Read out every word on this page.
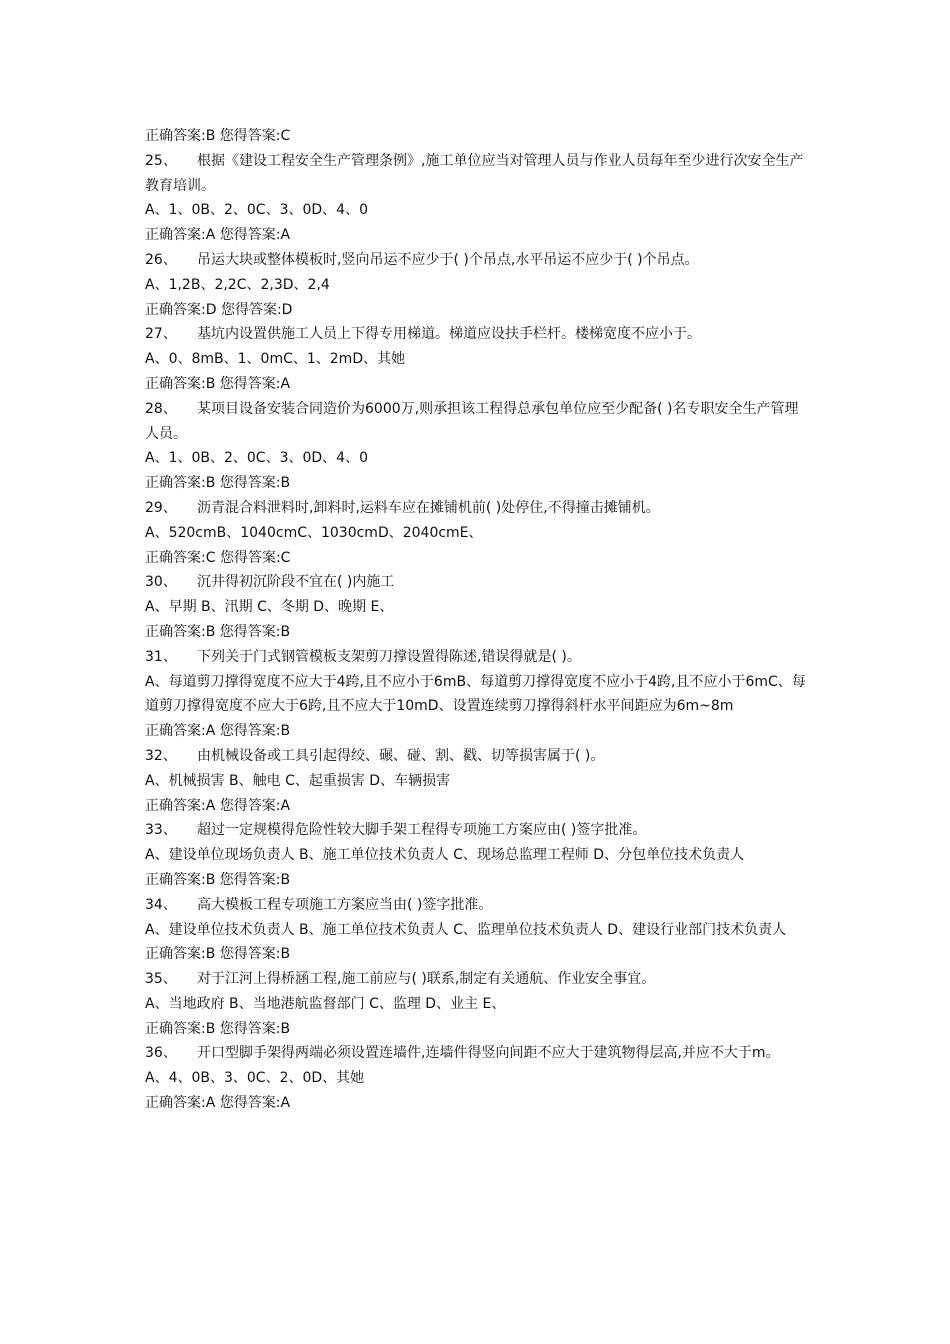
正确答案:B 您得答案:C

25、 根据《建设工程安全生产管理条例》,施工单位应当对管理人员与作业人员每年至少进行次安全生产教育培训。

A、1、0B、2、0C、3、0D、4、0

正确答案:A 您得答案:A

26、 吊运大块或整体模板时,竖向吊运不应少于( )个吊点,水平吊运不应少于( )个吊点。

A、1,2B、2,2C、2,3D、2,4

正确答案:D 您得答案:D

27、 基坑内设置供施工人员上下得专用梯道。梯道应设扶手栏杆。楼梯宽度不应小于。

A、0、8mB、1、0mC、1、2mD、其她

正确答案:B 您得答案:A

28、 某项目设备安装合同造价为6000万,则承担该工程得总承包单位应至少配备( )名专职安全生产管理人员。

A、1、0B、2、0C、3、0D、4、0

正确答案:B 您得答案:B

29、 沥青混合料泄料时,卸料时,运料车应在摊铺机前( )处停住,不得撞击摊铺机。

A、520cmB、1040cmC、1030cmD、2040cmE、

正确答案:C 您得答案:C

30、 沉井得初沉阶段不宜在( )内施工

A、早期 B、汛期 C、冬期 D、晚期 E、

正确答案:B 您得答案:B

31、 下列关于门式钢管模板支架剪刀撑设置得陈述,错误得就是( )。

A、每道剪刀撑得宽度不应大于4跨,且不应小于6mB、每道剪刀撑得宽度不应小于4跨,且不应小于6mC、每道剪刀撑得宽度不应大于6跨,且不应大于10mD、设置连续剪刀撑得斜杆水平间距应为6m~8m

正确答案:A 您得答案:B

32、 由机械设备或工具引起得绞、碾、碰、割、戳、切等损害属于( )。

A、机械损害 B、触电 C、起重损害 D、车辆损害

正确答案:A 您得答案:A

33、 超过一定规模得危险性较大脚手架工程得专项施工方案应由( )签字批准。

A、建设单位现场负责人 B、施工单位技术负责人 C、现场总监理工程师 D、分包单位技术负责人

正确答案:B 您得答案:B

34、 高大模板工程专项施工方案应当由( )签字批准。

A、建设单位技术负责人 B、施工单位技术负责人 C、监理单位技术负责人 D、建设行业部门技术负责人

正确答案:B 您得答案:B

35、 对于江河上得桥涵工程,施工前应与( )联系,制定有关通航、作业安全事宜。

A、当地政府 B、当地港航监督部门 C、监理 D、业主 E、

正确答案:B 您得答案:B

36、 开口型脚手架得两端必须设置连墙件,连墙件得竖向间距不应大于建筑物得层高,并应不大于m。

A、4、0B、3、0C、2、0D、其她

正确答案:A 您得答案:A
